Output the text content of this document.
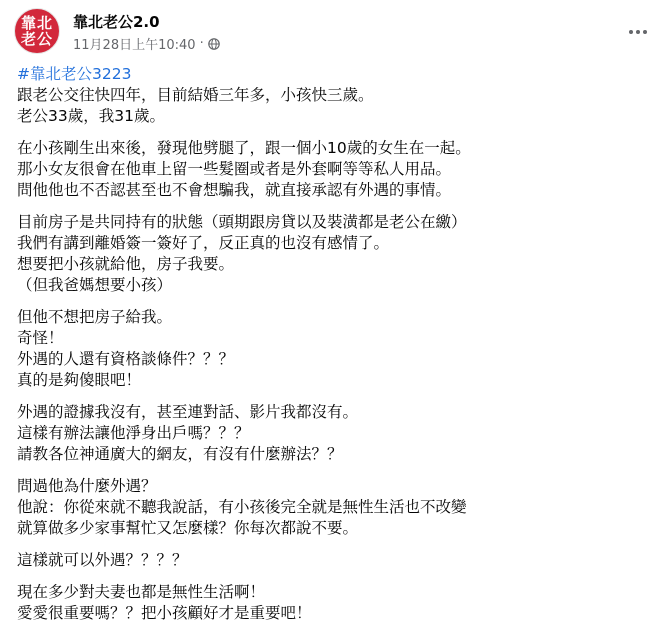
靠北
老公
靠北老公2.0
11月28日上午10:40 ·

#靠北老公3223

跟老公交往快四年，目前結婚三年多，小孩快三歲。

老公33歲，我31歲。

在小孩剛生出來後，發現他劈腿了，跟一個小10歲的女生在一起。

那小女友很會在他車上留一些髮圈或者是外套啊等等私人用品。

問他他也不否認甚至也不會想騙我，就直接承認有外遇的事情。

目前房子是共同持有的狀態（頭期跟房貸以及裝潢都是老公在繳）

我們有講到離婚簽一簽好了，反正真的也沒有感情了。

想要把小孩就給他，房子我要。

（但我爸媽想要小孩）

但他不想把房子給我。

奇怪！

外遇的人還有資格談條件？？？

真的是夠傻眼吧！

外遇的證據我沒有，甚至連對話、影片我都沒有。

這樣有辦法讓他淨身出戶嗎？？？

請教各位神通廣大的網友，有沒有什麼辦法？？

問過他為什麼外遇？

他說：你從來就不聽我說話，有小孩後完全就是無性生活也不改變

就算做多少家事幫忙又怎麼樣？你每次都說不要。

這樣就可以外遇？？？？

現在多少對夫妻也都是無性生活啊！

愛愛很重要嗎？？把小孩顧好才是重要吧！
